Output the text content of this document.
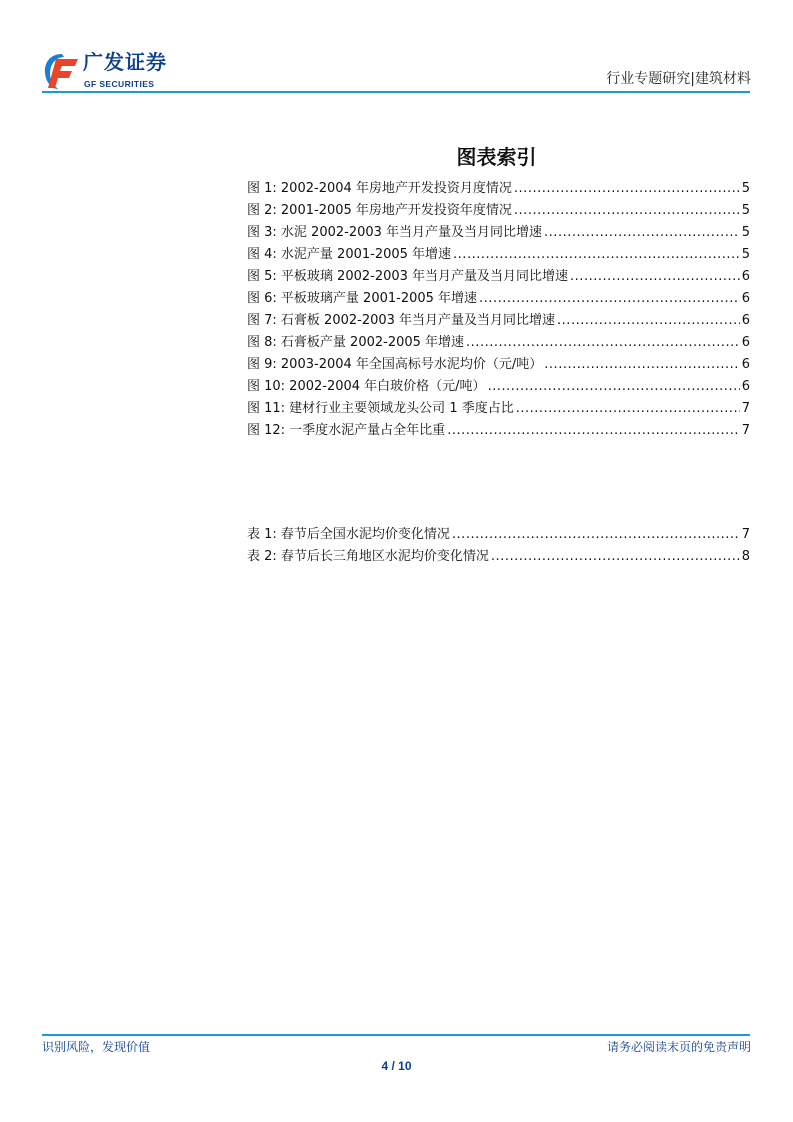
广发证券
GF SECURITIES	行业专题研究|建筑材料
图表索引
图 1: 2002-2004 年房地产开发投资月度情况 .....	5
图 2: 2001-2005 年房地产开发投资年度情况 .....	5
图 3: 水泥 2002-2003 年当月产量及当月同比增速 .....	5
图 4: 水泥产量 2001-2005 年增速 .....	5
图 5: 平板玻璃 2002-2003 年当月产量及当月同比增速 .....	6
图 6: 平板玻璃产量 2001-2005 年增速 .....	6
图 7: 石膏板 2002-2003 年当月产量及当月同比增速 .....	6
图 8: 石膏板产量 2002-2005 年增速 .....	6
图 9: 2003-2004 年全国高标号水泥均价（元/吨） .....	6
图 10: 2002-2004 年白玻价格（元/吨） .....	6
图 11: 建材行业主要领域龙头公司 1 季度占比 .....	7
图 12: 一季度水泥产量占全年比重 .....	7
表 1: 春节后全国水泥均价变化情况 .....	7
表 2: 春节后长三角地区水泥均价变化情况 .....	8
识别风险，发现价值	请务必阅读末页的免责声明
4 / 10
